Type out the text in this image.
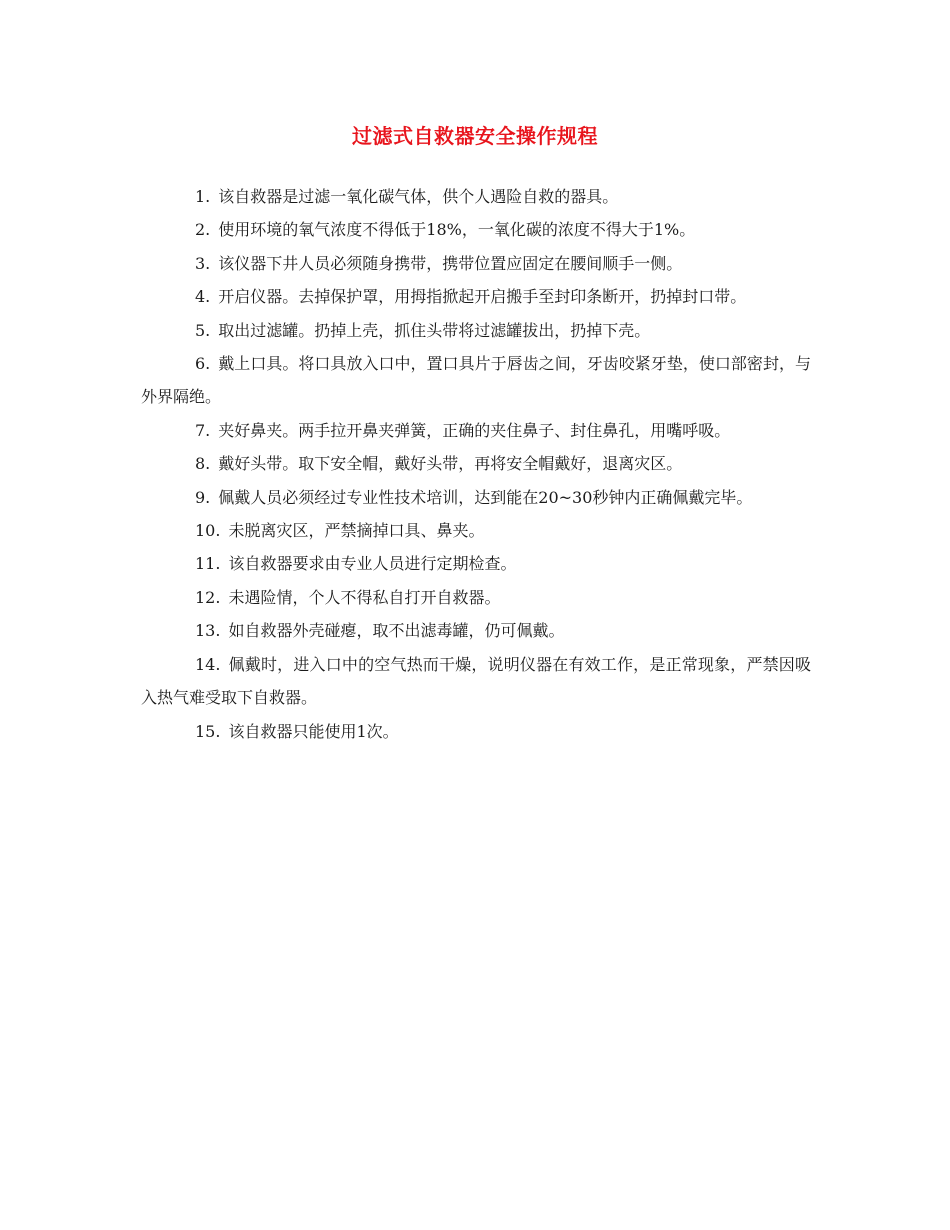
过滤式自救器安全操作规程

1. 该自救器是过滤一氧化碳气体，供个人遇险自救的器具。

2. 使用环境的氧气浓度不得低于18%，一氧化碳的浓度不得大于1%。

3. 该仪器下井人员必须随身携带，携带位置应固定在腰间顺手一侧。

4. 开启仪器。去掉保护罩，用拇指掀起开启搬手至封印条断开，扔掉封口带。

5. 取出过滤罐。扔掉上壳，抓住头带将过滤罐拔出，扔掉下壳。

6. 戴上口具。将口具放入口中，置口具片于唇齿之间，牙齿咬紧牙垫，使口部密封，与外界隔绝。

7. 夹好鼻夹。两手拉开鼻夹弹簧，正确的夹住鼻子、封住鼻孔，用嘴呼吸。

8. 戴好头带。取下安全帽，戴好头带，再将安全帽戴好，退离灾区。

9. 佩戴人员必须经过专业性技术培训，达到能在20~30秒钟内正确佩戴完毕。

10. 未脱离灾区，严禁摘掉口具、鼻夹。

11. 该自救器要求由专业人员进行定期检查。

12. 未遇险情，个人不得私自打开自救器。

13. 如自救器外壳碰瘪，取不出滤毒罐，仍可佩戴。

14. 佩戴时，进入口中的空气热而干燥，说明仪器在有效工作，是正常现象，严禁因吸入热气难受取下自救器。

15. 该自救器只能使用1次。
